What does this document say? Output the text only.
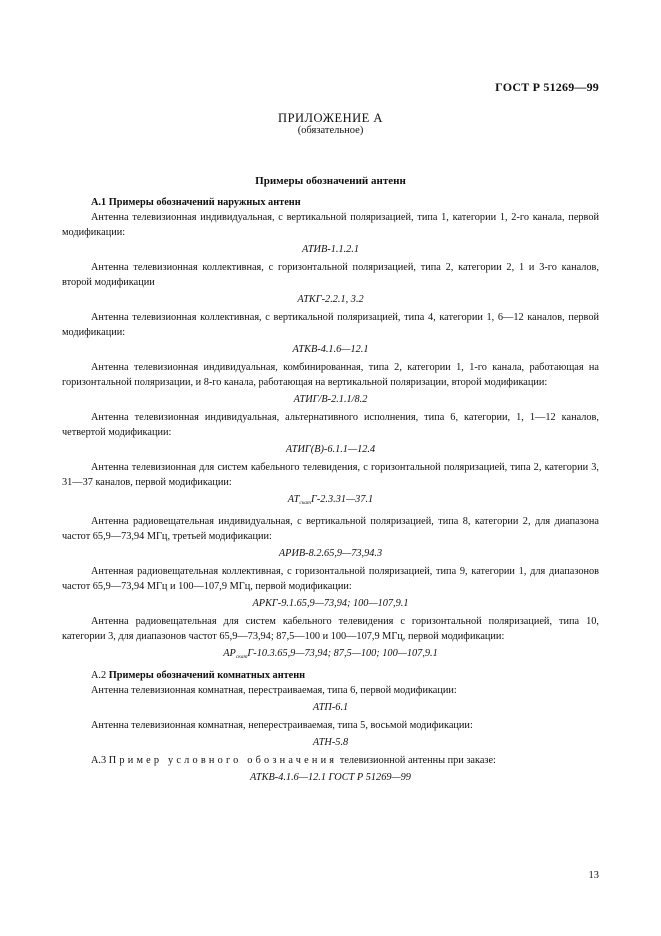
ГОСТ Р 51269—99
ПРИЛОЖЕНИЕ А
(обязательное)
Примеры обозначений антенн

А.1 Примеры обозначений наружных антенн

Антенна телевизионная индивидуальная, с вертикальной поляризацией, типа 1, категории 1, 2-го канала, первой модификации:

АТИВ-1.1.2.1

Антенна телевизионная коллективная, с горизонтальной поляризацией, типа 2, категории 2, 1 и 3-го каналов, второй модификации

АТКГ-2.2.1, 3.2

Антенна телевизионная коллективная, с вертикальной поляризацией, типа 4, категории 1, 6—12 каналов, первой модификации:

АТКВ-4.1.6—12.1

Антенна телевизионная индивидуальная, комбинированная, типа 2, категории 1, 1-го канала, работающая на горизонтальной поляризации, и 8-го канала, работающая на вертикальной поляризации, второй модификации:

АТИГ/В-2.1.1/8.2

Антенна телевизионная индивидуальная, альтернативного исполнения, типа 6, категории, 1, 1—12 каналов, четвертой модификации:

АТИГ(В)-6.1.1—12.4

Антенна телевизионная для систем кабельного телевидения, с горизонтальной поляризацией, типа 2, категории 3, 31—37 каналов, первой модификации:

$АТ_{скат}Г-2.3.31—37.1$

Антенна радиовещательная индивидуальная, с вертикальной поляризацией, типа 8, категории 2, для диапазона частот 65,9—73,94 МГц, третьей модификации:

АРИВ-8.2.65,9—73,94.3

Антенная радиовещательная коллективная, с горизонтальной поляризацией, типа 9, категории 1, для диапазонов частот 65,9—73,94 МГц и 100—107,9 МГц, первой модификации:

АРКГ-9.1.65,9—73,94; 100—107,9.1

Антенна радиовещательная для систем кабельного телевидения с горизонтальной поляризацией, типа 10, категории 3, для диапазонов частот 65,9—73,94; 87,5—100 и 100—107,9 МГц, первой модификации:

$АР_{скат}Г-10.3.65,9—73,94$; 87,5—100; 100—107,9.1

А.2 Примеры обозначений комнатных антенн

Антенна телевизионная комнатная, перестраиваемая, типа 6, первой модификации:

АТП-6.1

Антенна телевизионная комнатная, неперестраиваемая, типа 5, восьмой модификации:

АТН-5.8

А.3 Пример условного обозначения телевизионной антенны при заказе:

АТКВ-4.1.6—12.1 ГОСТ Р 51269—99

13
